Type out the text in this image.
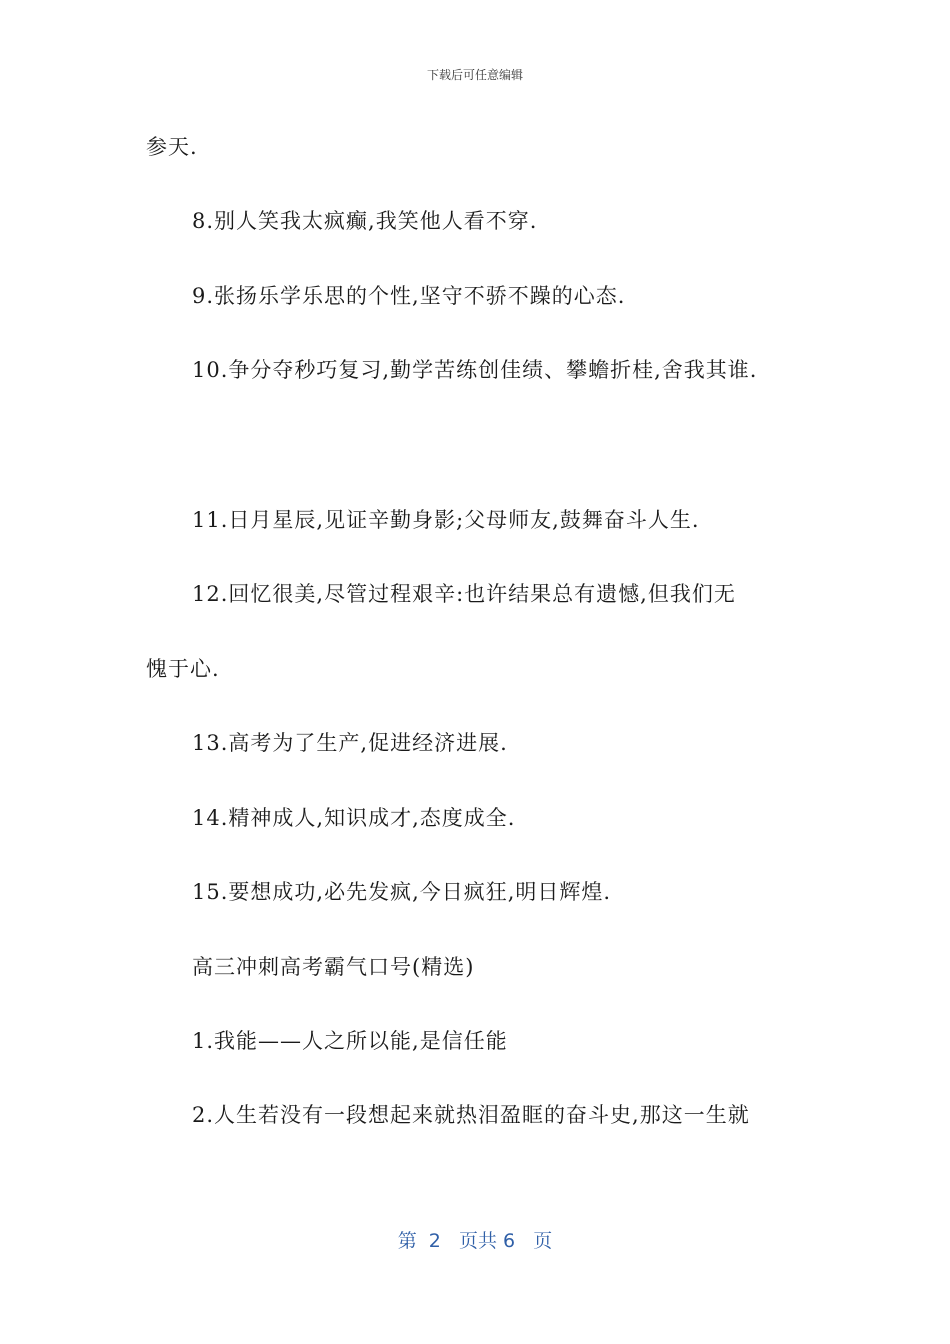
下载后可任意编辑
参天.
8.别人笑我太疯癫,我笑他人看不穿.
9.张扬乐学乐思的个性,坚守不骄不躁的心态.
10.争分夺秒巧复习,勤学苦练创佳绩、攀蟾折桂,舍我其谁.
11.日月星辰,见证辛勤身影;父母师友,鼓舞奋斗人生.
12.回忆很美,尽管过程艰辛:也许结果总有遗憾,但我们无
愧于心.
13.高考为了生产,促进经济进展.
14.精神成人,知识成才,态度成全.
15.要想成功,必先发疯,今日疯狂,明日辉煌.
高三冲刺高考霸气口号(精选)
1.我能——人之所以能,是信任能
2.人生若没有一段想起来就热泪盈眶的奋斗史,那这一生就
第  2   页共 6   页
